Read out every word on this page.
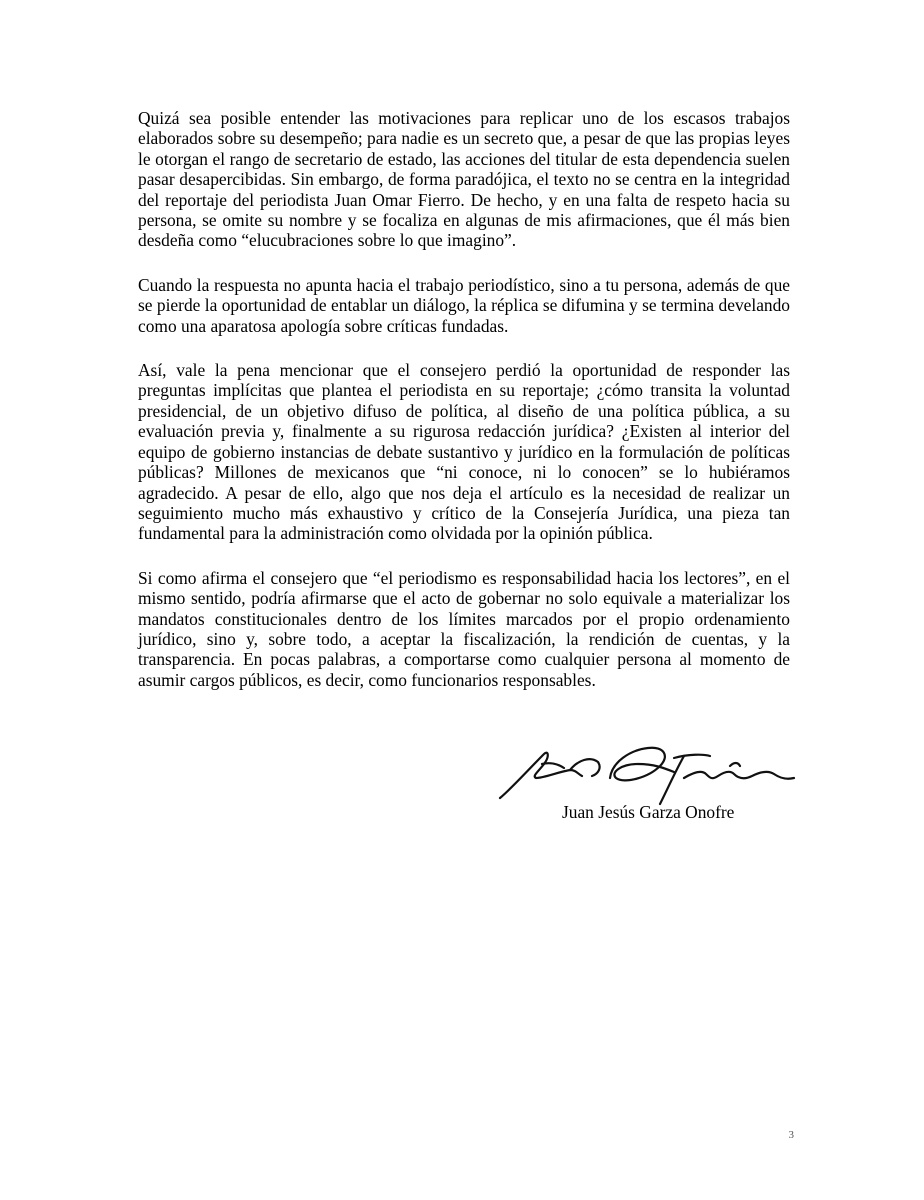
Quizá sea posible entender las motivaciones para replicar uno de los escasos trabajos elaborados sobre su desempeño; para nadie es un secreto que, a pesar de que las propias leyes le otorgan el rango de secretario de estado, las acciones del titular de esta dependencia suelen pasar desapercibidas. Sin embargo, de forma paradójica, el texto no se centra en la integridad del reportaje del periodista Juan Omar Fierro. De hecho, y en una falta de respeto hacia su persona, se omite su nombre y se focaliza en algunas de mis afirmaciones, que él más bien desdeña como “elucubraciones sobre lo que imagino”.

Cuando la respuesta no apunta hacia el trabajo periodístico, sino a tu persona, además de que se pierde la oportunidad de entablar un diálogo, la réplica se difumina y se termina develando como una aparatosa apología sobre críticas fundadas.

Así, vale la pena mencionar que el consejero perdió la oportunidad de responder las preguntas implícitas que plantea el periodista en su reportaje; ¿cómo transita la voluntad presidencial, de un objetivo difuso de política, al diseño de una política pública, a su evaluación previa y, finalmente a su rigurosa redacción jurídica? ¿Existen al interior del equipo de gobierno instancias de debate sustantivo y jurídico en la formulación de políticas públicas? Millones de mexicanos que “ni conoce, ni lo conocen” se lo hubiéramos agradecido. A pesar de ello, algo que nos deja el artículo es la necesidad de realizar un seguimiento mucho más exhaustivo y crítico de la Consejería Jurídica, una pieza tan fundamental para la administración como olvidada por la opinión pública.

Si como afirma el consejero que “el periodismo es responsabilidad hacia los lectores”, en el mismo sentido, podría afirmarse que el acto de gobernar no solo equivale a materializar los mandatos constitucionales dentro de los límites marcados por el propio ordenamiento jurídico, sino y, sobre todo, a aceptar la fiscalización, la rendición de cuentas, y la transparencia. En pocas palabras, a comportarse como cualquier persona al momento de asumir cargos públicos, es decir, como funcionarios responsables.

Juan Jesús Garza Onofre
3
